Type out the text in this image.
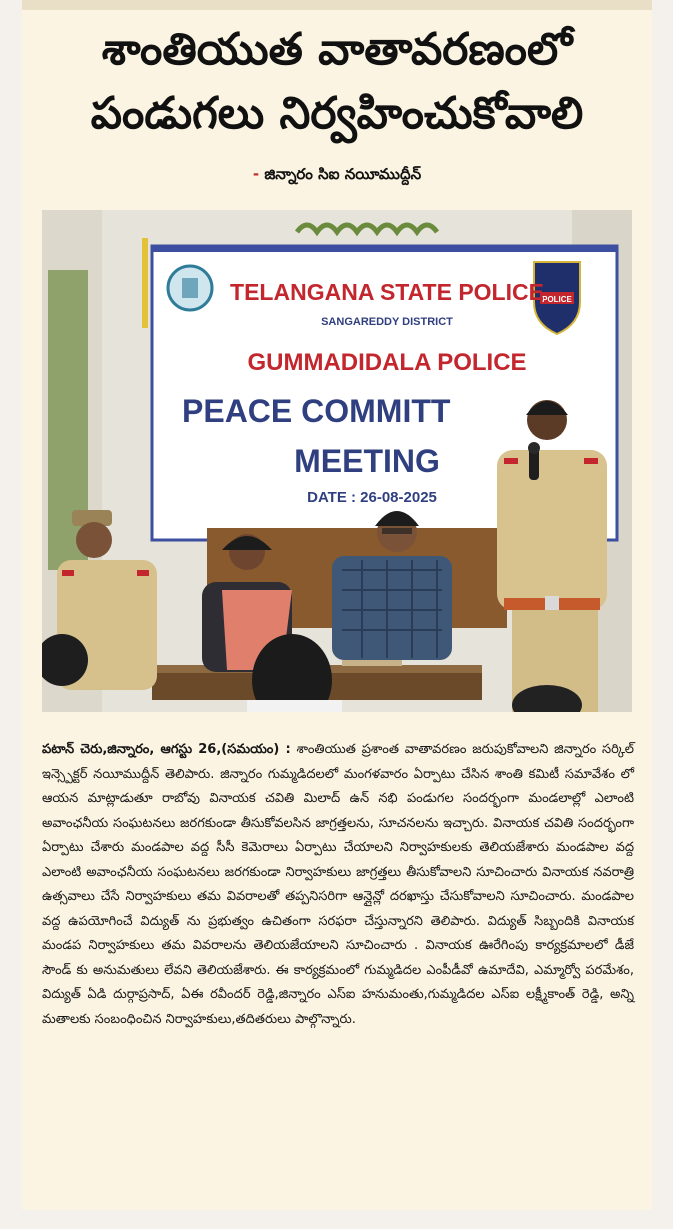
శాంతియుత వాతావరణంలో
పండుగలు నిర్వహించుకోవాలి
- జిన్నారం సిఐ నయీముద్దీన్
POLICE
TELANGANA STATE POLICE
SANGAREDDY DISTRICT
GUMMADIDALA POLICE
PEACE COMMITT
MEETING
DATE : 26-08-2025
పటాన్ చెరు,జిన్నారం, ఆగస్టు 26,(సమయం) : శాంతియుత ప్రశాంత వాతావరణం జరుపుకోవాలని జిన్నారం సర్కిల్ ఇన్స్పెక్టర్ నయీముద్దీన్ తెలిపారు. జిన్నారం గుమ్మడిదలలో మంగళవారం ఏర్పాటు చేసిన శాంతి కమిటీ సమావేశం లో ఆయన మాట్లాడుతూ రాబోవు వినాయక చవితి మిలాద్ ఉన్ నభి పండుగల సందర్భంగా మండలాల్లో ఎలాంటి అవాంఛనీయ సంఘటనలు జరగకుండా తీసుకోవలసిన జాగ్రత్తలను, సూచనలను ఇచ్చారు. వినాయక చవితి సందర్భంగా ఏర్పాటు చేశారు మండపాల వద్ద సీసీ కెమెరాలు ఏర్పాటు చేయాలని నిర్వాహకులకు తెలియజేశారు మండపాల వద్ద ఎలాంటి అవాంఛనీయ సంఘటనలు జరగకుండా నిర్వాహకులు జాగ్రత్తలు తీసుకోవాలని సూచించారు వినాయక నవరాత్రి ఉత్సవాలు చేసే నిర్వాహకులు తమ వివరాలతో తప్పనిసరిగా ఆన్లైన్లో దరఖాస్తు చేసుకోవాలని సూచించారు. మండపాల వద్ద ఉపయోగించే విద్యుత్ ను ప్రభుత్వం ఉచితంగా సరఫరా చేస్తున్నారని తెలిపారు. విద్యుత్ సిబ్బందికి వినాయక మండప నిర్వాహకులు తమ వివరాలను తెలియజేయాలని సూచించారు . వినాయక ఊరేగింపు కార్యక్రమాలలో డీజే సౌండ్ కు అనుమతులు లేవని తెలియజేశారు. ఈ కార్యక్రమంలో గుమ్మడిదల ఎంపీడీవో ఉమాదేవి, ఎమ్మార్వో పరమేశం, విద్యుత్ ఏడి దుర్గాప్రసాద్, ఏఈ రవీందర్ రెడ్డి,జిన్నారం ఎస్ఐ హనుమంతు,గుమ్మడిదల ఎస్ఐ లక్ష్మీకాంత్ రెడ్డి, అన్ని మతాలకు సంబంధించిన నిర్వాహకులు,తదితరులు పాల్గొన్నారు.
